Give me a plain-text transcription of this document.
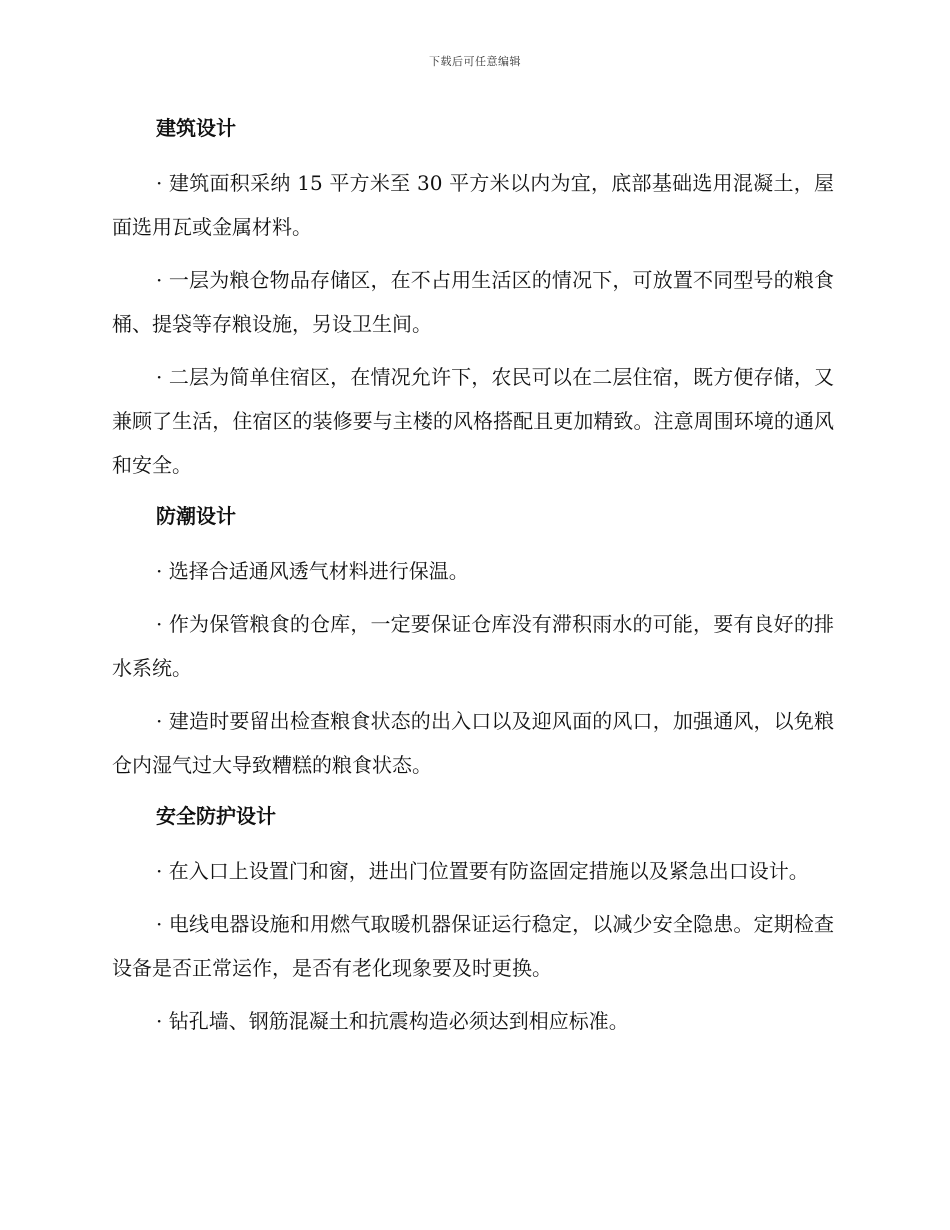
下载后可任意编辑
建筑设计

· 建筑面积采纳 15 平方米至 30 平方米以内为宜，底部基础选用混凝土，屋面选用瓦或金属材料。

· 一层为粮仓物品存储区，在不占用生活区的情况下，可放置不同型号的粮食桶、提袋等存粮设施，另设卫生间。

· 二层为简单住宿区，在情况允许下，农民可以在二层住宿，既方便存储，又兼顾了生活，住宿区的装修要与主楼的风格搭配且更加精致。注意周围环境的通风和安全。

防潮设计

· 选择合适通风透气材料进行保温。

· 作为保管粮食的仓库，一定要保证仓库没有滞积雨水的可能，要有良好的排水系统。

· 建造时要留出检查粮食状态的出入口以及迎风面的风口，加强通风，以免粮仓内湿气过大导致糟糕的粮食状态。

安全防护设计

· 在入口上设置门和窗，进出门位置要有防盗固定措施以及紧急出口设计。

· 电线电器设施和用燃气取暖机器保证运行稳定，以减少安全隐患。定期检查设备是否正常运作，是否有老化现象要及时更换。

· 钻孔墙、钢筋混凝土和抗震构造必须达到相应标准。
